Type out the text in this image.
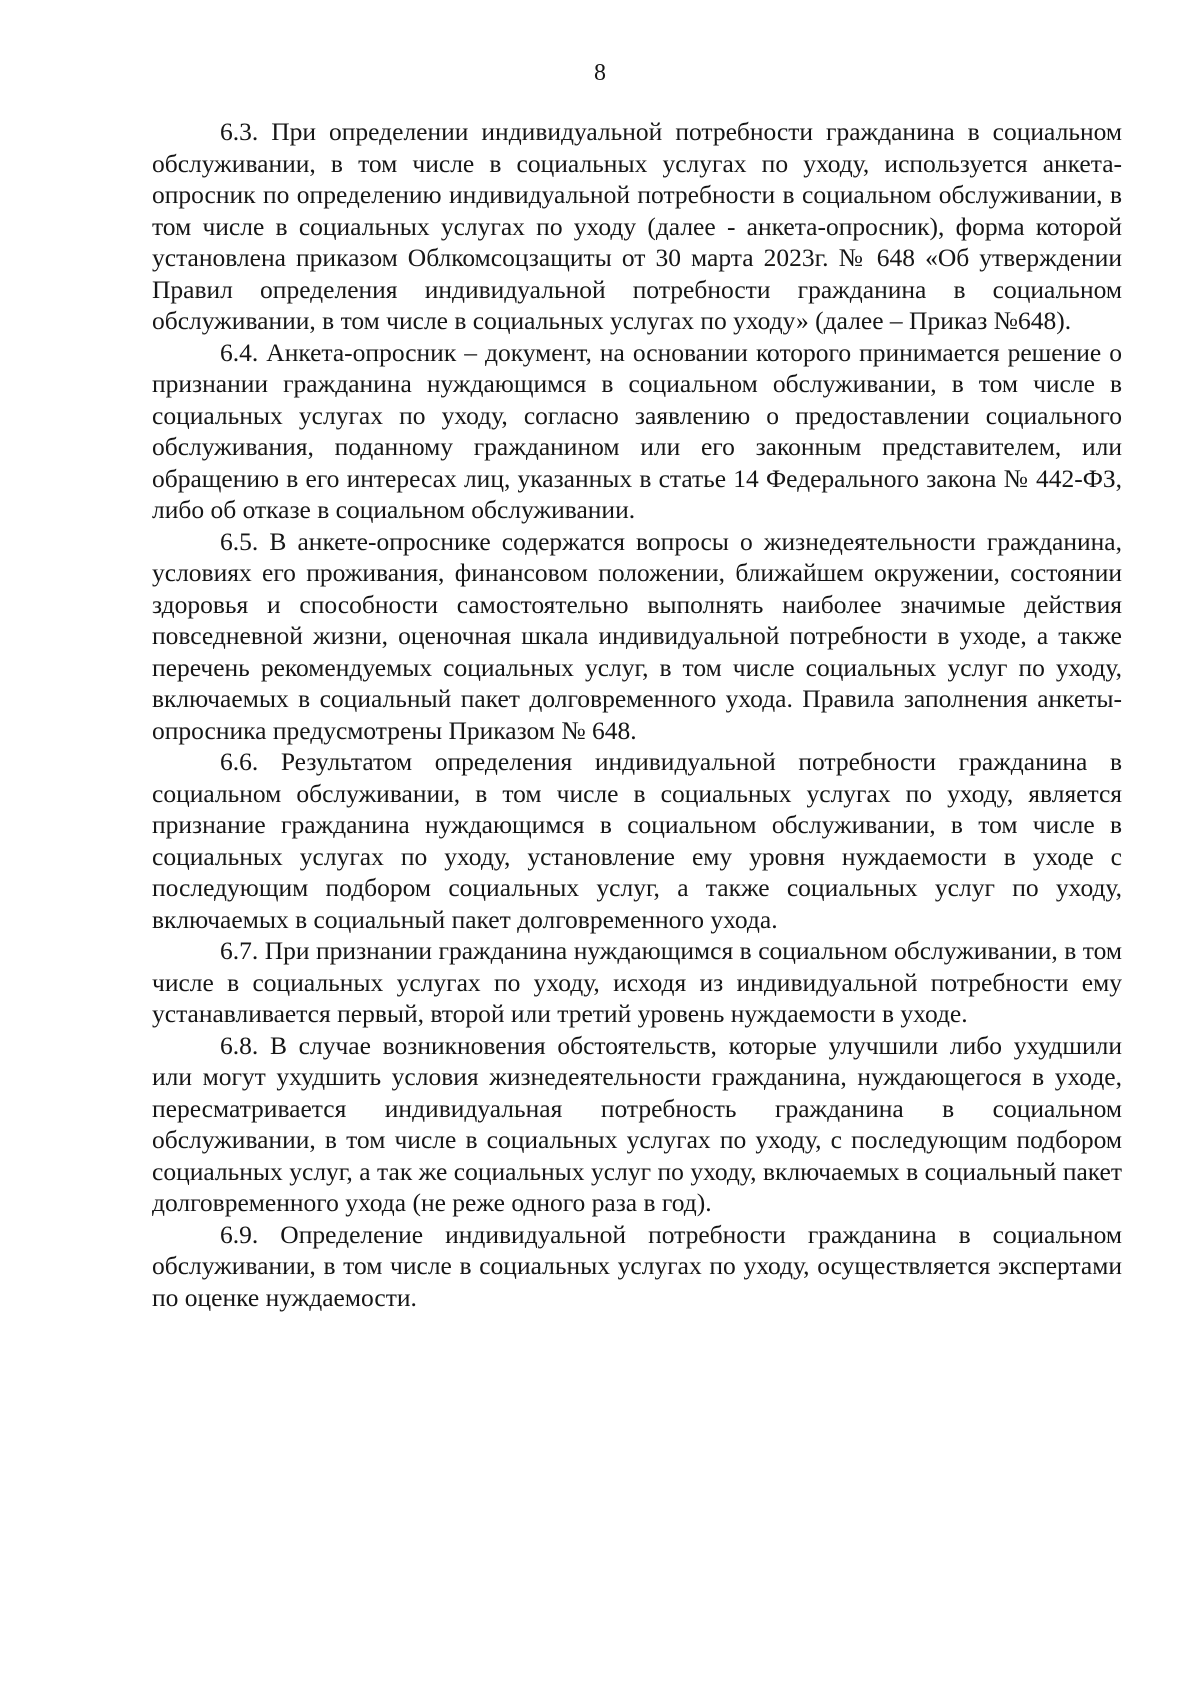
8

6.3. При определении индивидуальной потребности гражданина в социальном обслуживании, в том числе в социальных услугах по уходу, используется анкета-опросник по определению индивидуальной потребности в социальном обслуживании, в том числе в социальных услугах по уходу (далее - анкета-опросник), форма которой установлена приказом Облкомсоцзащиты от 30 марта 2023г. № 648 «Об утверждении Правил определения индивидуальной потребности гражданина в социальном обслуживании, в том числе в социальных услугах по уходу» (далее – Приказ №648).

6.4. Анкета-опросник – документ, на основании которого принимается решение о признании гражданина нуждающимся в социальном обслуживании, в том числе в социальных услугах по уходу, согласно заявлению о предоставлении социального обслуживания, поданному гражданином или его законным представителем, или обращению в его интересах лиц, указанных в статье 14 Федерального закона № 442-ФЗ, либо об отказе в социальном обслуживании.

6.5. В анкете-опроснике содержатся вопросы о жизнедеятельности гражданина, условиях его проживания, финансовом положении, ближайшем окружении, состоянии здоровья и способности самостоятельно выполнять наиболее значимые действия повседневной жизни, оценочная шкала индивидуальной потребности в уходе, а также перечень рекомендуемых социальных услуг, в том числе социальных услуг по уходу, включаемых в социальный пакет долговременного ухода. Правила заполнения анкеты-опросника предусмотрены Приказом № 648.

6.6. Результатом определения индивидуальной потребности гражданина в социальном обслуживании, в том числе в социальных услугах по уходу, является признание гражданина нуждающимся в социальном обслуживании, в том числе в социальных услугах по уходу, установление ему уровня нуждаемости в уходе с последующим подбором социальных услуг, а также социальных услуг по уходу, включаемых в социальный пакет долговременного ухода.

6.7. При признании гражданина нуждающимся в социальном обслуживании, в том числе в социальных услугах по уходу, исходя из индивидуальной потребности ему устанавливается первый, второй или третий уровень нуждаемости в уходе.

6.8. В случае возникновения обстоятельств, которые улучшили либо ухудшили или могут ухудшить условия жизнедеятельности гражданина, нуждающегося в уходе, пересматривается индивидуальная потребность гражданина в социальном обслуживании, в том числе в социальных услугах по уходу, с последующим подбором социальных услуг, а так же социальных услуг по уходу, включаемых в социальный пакет долговременного ухода (не реже одного раза в год).

6.9. Определение индивидуальной потребности гражданина в социальном обслуживании, в том числе в социальных услугах по уходу, осуществляется экспертами по оценке нуждаемости.
